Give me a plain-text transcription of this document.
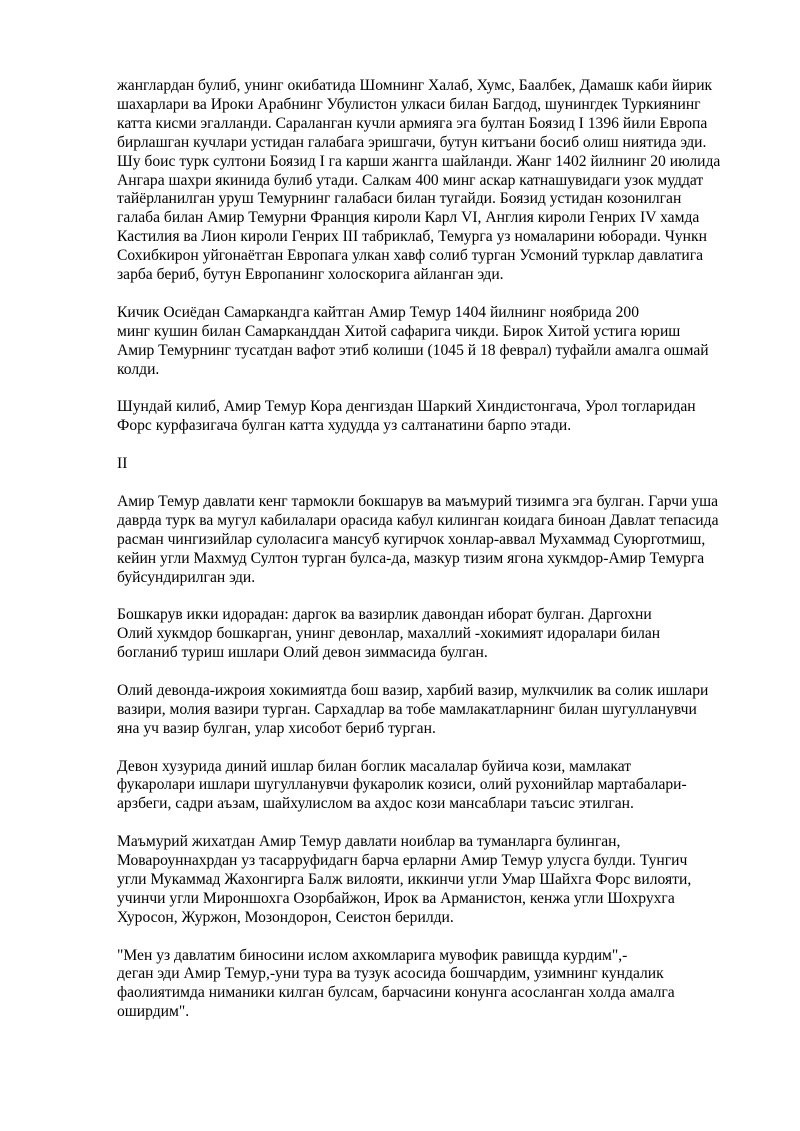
жанглардан булиб, унинг окибатида Шомнинг Халаб, Хумс, Баалбек, Дамашк каби йирик
шахарлари ва Ироки Арабнинг Убулистон улкаси билан Багдод, шунингдек Туркиянинг
катта кисми эгалланди. Сараланган кучли армияга эга бултан Боязид I 1396 йили Европа
бирлашган кучлари устидан галабага эришгачи, бутун китъани босиб олиш ниятида эди.
Шу боис турк султони Боязид I га карши жангга шайланди. Жанг 1402 йилнинг 20 июлида
Ангара шахри якинида булиб утади. Салкам 400 минг аскар катнашувидаги узок муддат
тайёрланилган уруш Темурнинг галабаси билан тугайди. Боязид устидан козонилган
галаба билан Амир Темурни Франция кироли Карл VI, Англия кироли Генрих IV хамда
Кастилия ва Лион кироли Генрих III табриклаб, Темурга уз номаларини юборади. Чункн
Сохибкирон уйгонаётган Европага улкан хавф солиб турган Усмоний турклар давлатига
зарба бериб, бутун Европанинг холоскорига айланган эди.

Кичик Осиёдан Самаркандга кайтган Амир Темур 1404 йилнинг ноябрида 200
минг кушин билан Самарканддан Хитой сафарига чикди. Бирок Хитой устига юриш
Амир Темурнинг тусатдан вафот этиб колиши (1045 й 18 феврал) туфайли амалга ошмай
колди.

Шундай килиб, Амир Темур Кора денгиздан Шаркий Хиндистонгача, Урол тогларидан
Форс курфазигача булган катта худудда уз салтанатини барпо этади.

II

Амир Темур давлати кенг тармокли бокшарув ва маъмурий тизимга эга булган. Гарчи уша
даврда турк ва мугул кабилалари орасида кабул килинган коидага биноан Давлат тепасида
расман чингизийлар сулоласига мансуб кугирчок хонлар-аввал Мухаммад Суюрготмиш,
кейин угли Махмуд Султон турган булса-да, мазкур тизим ягона хукмдор-Амир Темурга
буйсундирилган эди.

Бошкарув икки идорадан: даргок ва вазирлик давондан иборат булган. Даргохни
Олий хукмдор бошкарган, унинг девонлар, махаллий -хокимият идоралари билан
богланиб туриш ишлари Олий девон зиммасида булган.

Олий девонда-ижроия хокимиятда бош вазир, харбий вазир, мулкчилик ва солик ишлари
вазири, молия вазири турган. Сархадлар ва тобе мамлакатларнинг билан шугулланувчи
яна уч вазир булган, улар хисобот бериб турган.

Девон хузурида диний ишлар билан боглик масалалар буйича кози, мамлакат
фукаролари ишлари шугулланувчи фукаролик козиси, олий рухонийлар мартабалари-
арзбеги, садри аъзам, шайхулислом ва ахдос кози мансаблари таъсис этилган.

Маъмурий жихатдан Амир Темур давлати ноиблар ва туманларга булинган,
Мовароуннахрдан уз тасарруфидагн барча ерларни Амир Темур улусга булди. Тунгич
угли Мукаммад Жахонгирга Балж вилояти, иккинчи угли Умар Шайхга Форс вилояти,
учинчи угли Мироншохга Озорбайжон, Ирок ва Арманистон, кенжа угли Шохрухга
Хуросон, Журжон, Мозондорон, Сеистон берилди.

"Мен уз давлатим биносини ислом ахкомларига мувофик равищда курдим",-
деган эди Амир Темур,-уни тура ва тузук асосида бошчардим, узимнинг кундалик
фаолиятимда ниманики килган булсам, барчасини конунга асосланган холда амалга
оширдим".
